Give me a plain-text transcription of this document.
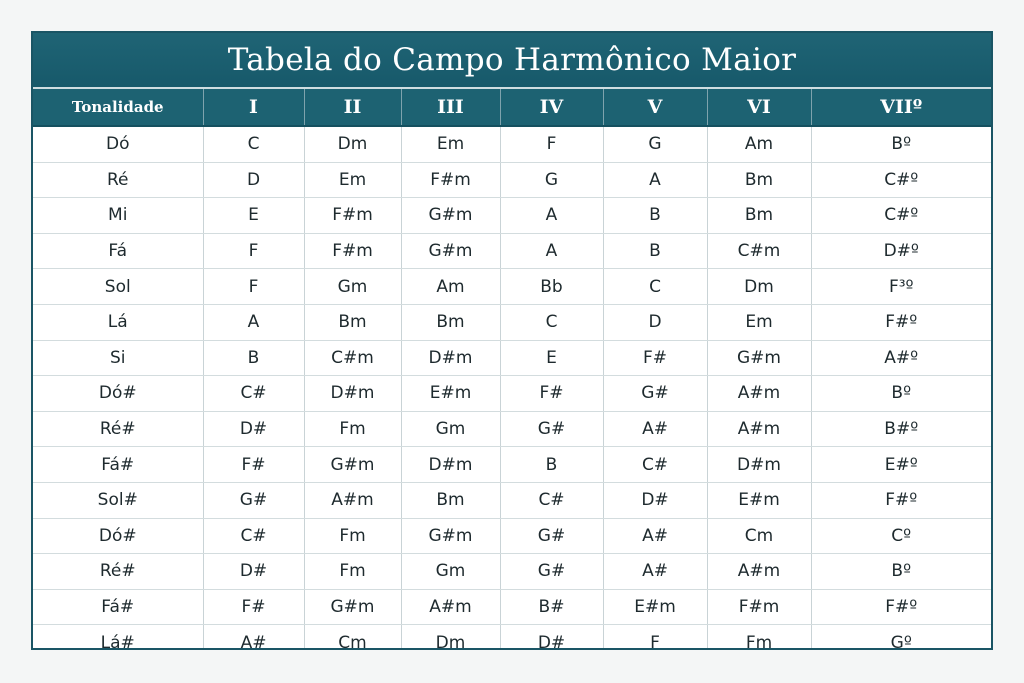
Tabela do Campo Harmônico Maior
Tonalidade	I	II	III	IV	V	VI	VIIº
Dó	C	Dm	Em	F	G	Am	Bº
Ré	D	Em	F#m	G	A	Bm	C#º
Mi	E	F#m	G#m	A	B	Bm	C#º
Fá	F	F#m	G#m	A	B	C#m	D#º
Sol	F	Gm	Am	Bb	C	Dm	F³º
Lá	A	Bm	Bm	C	D	Em	F#º
Si	B	C#m	D#m	E	F#	G#m	A#º
Dó#	C#	D#m	E#m	F#	G#	A#m	Bº
Ré#	D#	Fm	Gm	G#	A#	A#m	B#º
Fá#	F#	G#m	D#m	B	C#	D#m	E#º
Sol#	G#	A#m	Bm	C#	D#	E#m	F#º
Dó#	C#	Fm	G#m	G#	A#	Cm	Cº
Ré#	D#	Fm	Gm	G#	A#	A#m	Bº
Fá#	F#	G#m	A#m	B#	E#m	F#m	F#º
Lá#	A#	Cm	Dm	D#	F	Fm	Gº
